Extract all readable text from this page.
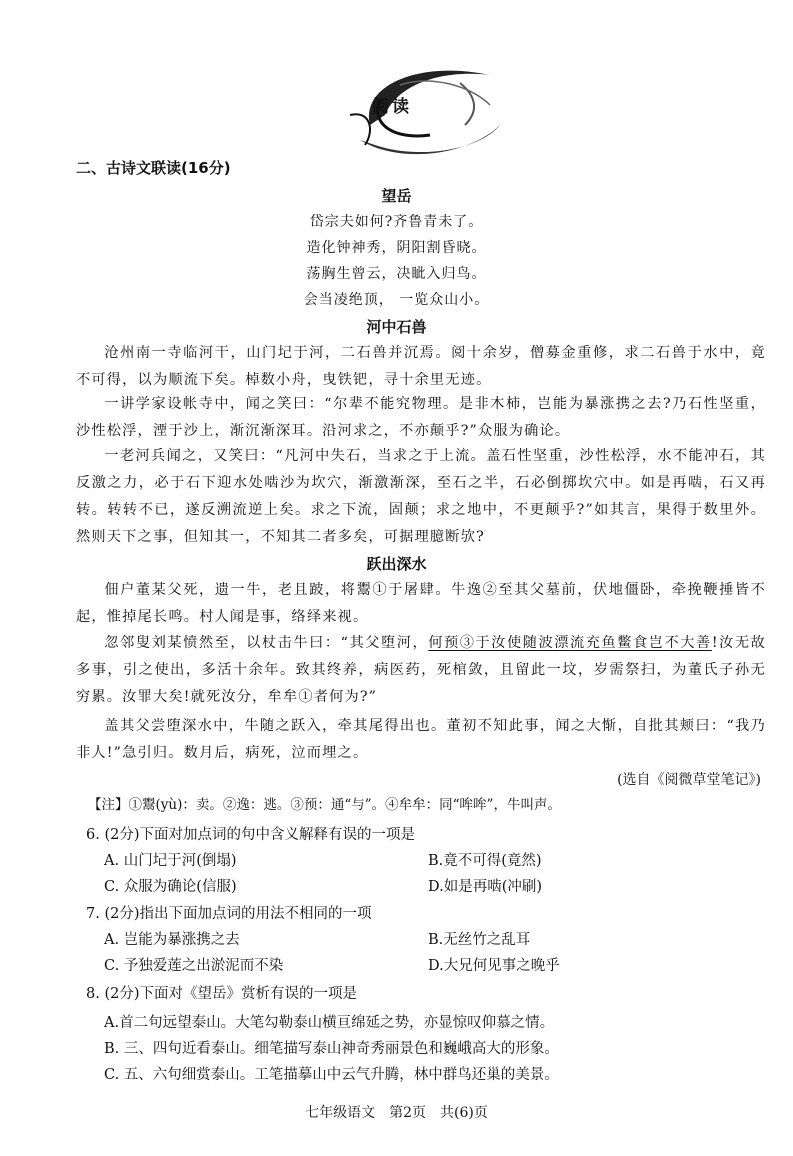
阅读
二、古诗文联读(16分)
望岳
岱宗夫如何?齐鲁青未了。
造化钟神秀，阴阳割昏晓。
荡胸生曾云，决眦入归鸟。
会当凌绝顶， 一览众山小。
河中石兽
沧州南一寺临河干，山门圮于河，二石兽并沉焉。阅十余岁，僧募金重修，求二石兽于水中，竟不可得，以为顺流下矣。棹数小舟，曳铁钯，寻十余里无迹。
一讲学家设帐寺中，闻之笑曰：“尔辈不能究物理。是非木柿，岂能为暴涨携之去?乃石性坚重，沙性松浮，湮于沙上，渐沉渐深耳。沿河求之，不亦颠乎?”众服为确论。
一老河兵闻之，又笑曰：“凡河中失石，当求之于上流。盖石性坚重，沙性松浮，水不能冲石，其反激之力，必于石下迎水处啮沙为坎穴，渐激渐深，至石之半，石必倒掷坎穴中。如是再啮，石又再转。转转不已，遂反溯流逆上矣。求之下流，固颠；求之地中，不更颠乎?”如其言，果得于数里外。然则天下之事，但知其一，不知其二者多矣，可据理臆断欤?
跃出深水
佃户董某父死，遗一牛，老且跛，将鬻①于屠肆。牛逸②至其父墓前，伏地僵卧，牵挽鞭捶皆不起，惟掉尾长鸣。村人闻是事，络绎来视。
忽邻叟刘某愤然至，以杖击牛曰：“其父堕河，何预③于汝使随波漂流充鱼鳖食岂不大善!汝无故多事，引之使出，多活十余年。致其终养，病医药，死棺敛，且留此一坟，岁需祭扫，为董氏子孙无穷累。汝罪大矣!就死汝分，牟牟①者何为?”
盖其父尝堕深水中，牛随之跃入，牵其尾得出也。董初不知此事，闻之大惭，自批其颊曰：“我乃非人!”急引归。数月后，病死，泣而埋之。
(选自《阅微草堂笔记》)
【注】①鬻(yù)：卖。②逸：逃。③预：通“与”。④牟牟：同“哞哞”，牛叫声。
6. (2分)下面对加点词的句中含义解释有误的一项是
A. 山门圮于河(倒塌)	B.竟不可得(竟然)
C. 众服为确论(信服)	D.如是再啮(冲刷)
7. (2分)指出下面加点词的用法不相同的一项
A. 岂能为暴涨携之去	B.无丝竹之乱耳
C. 予独爱莲之出淤泥而不染	D.大兄何见事之晚乎
8. (2分)下面对《望岳》赏析有误的一项是
A.首二句远望泰山。大笔勾勒泰山横亘绵延之势，亦显惊叹仰慕之情。
B. 三、四句近看泰山。细笔描写泰山神奇秀丽景色和巍峨高大的形象。
C. 五、六句细赏泰山。工笔描摹山中云气升腾，林中群鸟还巢的美景。
七年级语文　第2页　共(6)页
